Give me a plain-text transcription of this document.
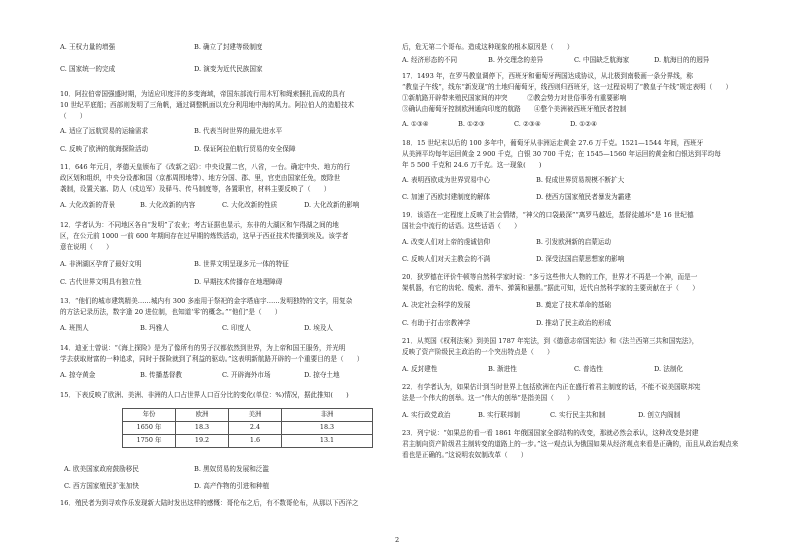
A. 王权力量的增强	B. 确立了封建等级制度
C. 国家统一的完成	D. 演变为近代民族国家
10．阿拉伯帝国强盛时期，为适应印度洋的多变海域，帝国东部流行用木钉和绳索捆扎而成的具有
10 世纪平底船；西部则发明了三角帆，通过调整帆面以充分利用地中海的风力。阿拉伯人的造船技术
（　　）
A. 适应了远航贸易的运输需求	B. 代表当时世界的最先进水平
C. 反映了欧洲的航海探险活动	D. 保证阿拉伯航行贸易的安全保障
11．646 年元月，孝德天皇颁布了《改新之诏》：中央设置二官，八省，一台。确定中央、地方的行
政区划和组织，中央分设都和国（京都周围地带）、地方分国、郡、里，官吏由国家任免，废除世
袭制，设置关塞、防人（戍边军）及驿马、传马制度等，各置职官，材料主要反映了（　　）
A. 大化改新的背景	B. 大化改新的内容	C. 大化改新的性质	D. 大化改新的影响
12．学者认为：不同地区各自“发明”了农业；考古证据也显示，东非的大湖区和乍得湖之间的地
区，在公元前 1000 一前 600 年期间存在过早期的炼铁活动，这早于西亚技术传播到埃及。该学者
意在说明（　　）
A. 非洲湖区孕育了最好文明	B. 世界文明呈现多元一体的特征
C. 古代世界文明具有独立性	D. 早期技术传播存在地理障碍
13．“他们的城市建筑精美……城内有 300 多座用于祭祀的金字塔庙宇……发明独特的文字，用复杂
的方法记录历法，数字逢 20 进位制，也知道‘零’的概念。”“他们”是（　　）
A. 班图人	B. 玛雅人	C. 印度人	D. 埃及人
14．迪亚士曾说：“《海上探险》是为了像所有的男子汉都依然到世界，为上帝和国王服务，并光明
学去获取财富的一种追求，同时于探险就到了利益的驱动。”这表明新航路开辟的一个重要目的是（　　）
A. 掠夺黄金	B. 传播基督教	C. 开辟海外市场	D. 掠夺土地
15．下表反映了欧洲、美洲、非洲的人口占世界人口百分比的变化(单位：%)情况，据此推知(　　)
年份	欧洲	美洲	非洲
1650 年	18.3	2.4	18.3
1750 年	19.2	1.6	13.1
A. 欧美国家政府鼓励移民	B. 黑奴贸易的发展和泛滥
C. 西方国家殖民扩张加快	D. 高产作物的引进和种植
16．殖民者为到寻欢作乐发现新大陆时发出这样的感慨：哥伦布之后，有不数哥伦布，从那以下西洋之
后，危无第二个哥布。造成这种现象的根本原因是（　　）
A. 经济形态的不同	B. 外交理念的差异	C. 中国缺乏航海家	D. 航海目的的迥异
17．1493 年，在罗马教皇调停下，西班牙和葡萄牙两国达成协议，从北极到南极画一条分界线，称
“教皇子午线”，线东“新发现”的土地归葡萄牙，线西则归西班牙，这一过程说明了“教皇子午线”规定表明（　　）
①新航路开辟带来殖民国家间的冲突　　　②教会势力对世俗事务有重要影响
③确认由葡萄牙控制欧洲通向印度的航路　　④整个美洲被西班牙殖民者控制
A. ①③④	B. ①②③	C. ②③④	D. ①②④
18．15 世纪末以后的 100 多年中，葡萄牙从非洲运走黄金 27.6 万千克。1521—1544 年间，西班牙
从美洲平均每年运回黄金 2 900 千克，白银 30 700 千克；在 1545—1560 年运回的黄金和白银达到平均每
年 5 500 千克和 24.6 万千克。这一现象(　　)
A. 表明西欧成为世界贸易中心	B. 促成世界贸易规模不断扩大
C. 加速了西欧封建制度的解体	D. 使西方国家殖民者暴发为霸建
19．该语在一定程度上反映了社会情绪，“神父的口袋最深”“离罗马越近，基督徒越坏”是 16 世纪德
国社会中流行的话语。这些话语（　　）
A. 改变人们对上帝的虔诚信仰	B. 引发欧洲新的启蒙运动
C. 反映人们对天主教会的不满	D. 深受法国启蒙思想家的影响
20．狄罗德在评价牛顿等自然科学家时说：“多亏这些伟大人物的工作，世界才不再是一个神，而是一
架机器，有它的齿轮、缆索、滑车、弹簧和悬摆。”据此可知，近代自然科学家的主要贡献在于（　　）
A. 决定社会科学的发展	B. 奠定了技术革命的基础
C. 有助于打击宗教神学	D. 推动了民主政治的形成
21．从英国《权利法案》到美国 1787 年宪法，到《德意志帝国宪法》和《法兰西第三共和国宪法》，
反映了资产阶级民主政治的一个突出特点是（　　）
A. 反封建性	B. 渐进性	C. 普选性	D. 法制化
22．有学者认为，如果估计到当时世界上包括欧洲在内正在盛行着君主制度的话，不能不说美国联邦宪
法是一个伟大的创举。这一“伟大的创举”是指美国（　　）
A. 实行政党政治	B. 实行联邦制	C. 实行民主共和制	D. 创立内阁制
23．列宁说：“如果总的看一看 1861 年俄国国家全部结构的改变，那就必然会承认，这种改变是封建
君主制向资产阶级君主制转变的道路上的一步。”这一观点认为俄国如果从经济观点来看是正确的，而且从政治观点来
看也是正确的。”这说明农奴制改革（　　）
2
